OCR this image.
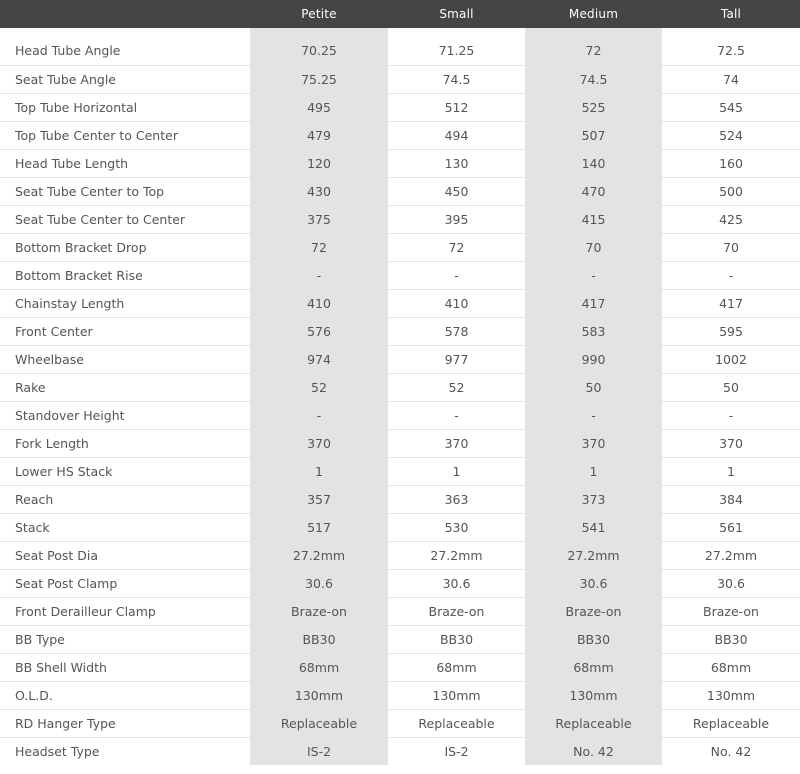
	Petite	Small	Medium	Tall

Head Tube Angle	70.25	71.25	72	72.5
Seat Tube Angle	75.25	74.5	74.5	74
Top Tube Horizontal	495	512	525	545
Top Tube Center to Center	479	494	507	524
Head Tube Length	120	130	140	160
Seat Tube Center to Top	430	450	470	500
Seat Tube Center to Center	375	395	415	425
Bottom Bracket Drop	72	72	70	70
Bottom Bracket Rise	-	-	-	-
Chainstay Length	410	410	417	417
Front Center	576	578	583	595
Wheelbase	974	977	990	1002
Rake	52	52	50	50
Standover Height	-	-	-	-
Fork Length	370	370	370	370
Lower HS Stack	1	1	1	1
Reach	357	363	373	384
Stack	517	530	541	561
Seat Post Dia	27.2mm	27.2mm	27.2mm	27.2mm
Seat Post Clamp	30.6	30.6	30.6	30.6
Front Derailleur Clamp	Braze-on	Braze-on	Braze-on	Braze-on
BB Type	BB30	BB30	BB30	BB30
BB Shell Width	68mm	68mm	68mm	68mm
O.L.D.	130mm	130mm	130mm	130mm
RD Hanger Type	Replaceable	Replaceable	Replaceable	Replaceable
Headset Type	IS-2	IS-2	No. 42	No. 42
